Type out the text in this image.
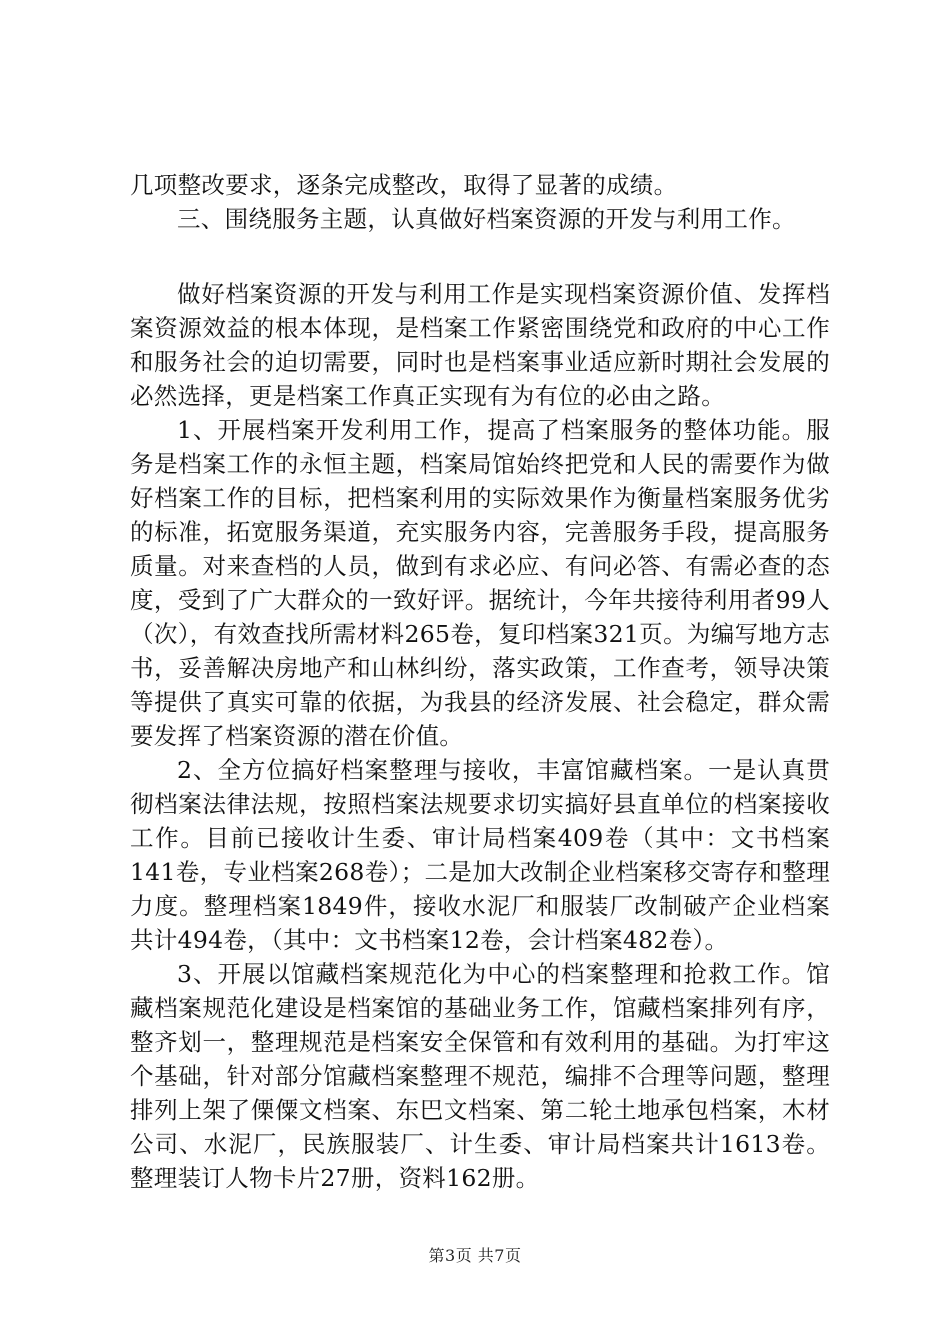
几项整改要求，逐条完成整改，取得了显著的成绩。

三、围绕服务主题，认真做好档案资源的开发与利用工作。

做好档案资源的开发与利用工作是实现档案资源价值、发挥档案资源效益的根本体现，是档案工作紧密围绕党和政府的中心工作和服务社会的迫切需要，同时也是档案事业适应新时期社会发展的必然选择，更是档案工作真正实现有为有位的必由之路。

1、开展档案开发利用工作，提高了档案服务的整体功能。服务是档案工作的永恒主题，档案局馆始终把党和人民的需要作为做好档案工作的目标，把档案利用的实际效果作为衡量档案服务优劣的标准，拓宽服务渠道，充实服务内容，完善服务手段，提高服务质量。对来查档的人员，做到有求必应、有问必答、有需必查的态度，受到了广大群众的一致好评。据统计，今年共接待利用者99人（次），有效查找所需材料265卷，复印档案321页。为编写地方志书，妥善解决房地产和山林纠纷，落实政策，工作查考，领导决策等提供了真实可靠的依据，为我县的经济发展、社会稳定，群众需要发挥了档案资源的潜在价值。

2、全方位搞好档案整理与接收，丰富馆藏档案。一是认真贯彻档案法律法规，按照档案法规要求切实搞好县直单位的档案接收工作。目前已接收计生委、审计局档案409卷（其中：文书档案141卷，专业档案268卷）；二是加大改制企业档案移交寄存和整理力度。整理档案1849件，接收水泥厂和服装厂改制破产企业档案共计494卷，（其中：文书档案12卷，会计档案482卷）。

3、开展以馆藏档案规范化为中心的档案整理和抢救工作。馆藏档案规范化建设是档案馆的基础业务工作，馆藏档案排列有序，整齐划一，整理规范是档案安全保管和有效利用的基础。为打牢这个基础，针对部分馆藏档案整理不规范，编排不合理等问题，整理排列上架了傈僳文档案、东巴文档案、第二轮土地承包档案，木材公司、水泥厂，民族服装厂、计生委、审计局档案共计1613卷。整理装订人物卡片27册，资料162册。

第3页 共7页
